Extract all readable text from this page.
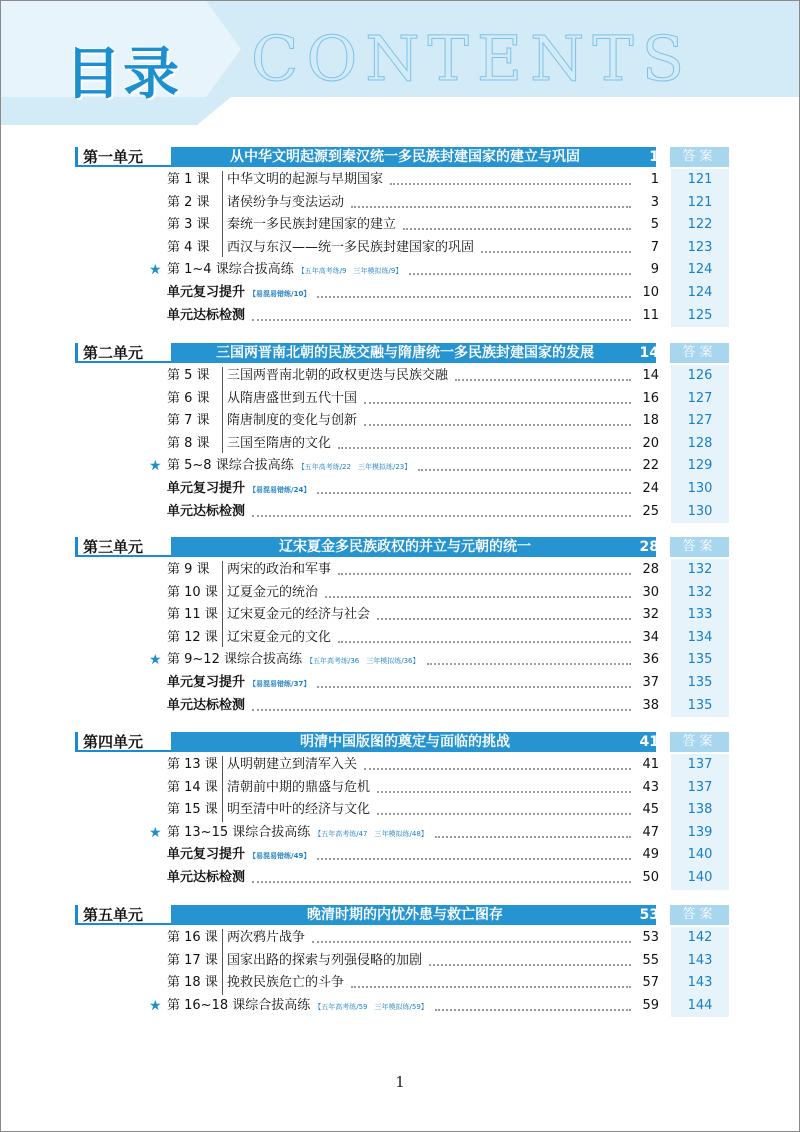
CONTENTS
目录
第一单元	从中华文明起源到秦汉统一多民族封建国家的建立与巩固	1	答案
第 1 课 中华文明的起源与早期国家	1	121
第 2 课 诸侯纷争与变法运动	3	121
第 3 课 秦统一多民族封建国家的建立	5	122
第 4 课 西汉与东汉——统一多民族封建国家的巩固	7	123
★ 第 1~4 课综合拔高练 【五年高考练/9　三年模拟练/9】	9	124
单元复习提升 【易混易错练/10】	10	124
单元达标检测	11	125
第二单元	三国两晋南北朝的民族交融与隋唐统一多民族封建国家的发展	14	答案
第 5 课 三国两晋南北朝的政权更迭与民族交融	14	126
第 6 课 从隋唐盛世到五代十国	16	127
第 7 课 隋唐制度的变化与创新	18	127
第 8 课 三国至隋唐的文化	20	128
★ 第 5~8 课综合拔高练 【五年高考练/22　三年模拟练/23】	22	129
单元复习提升 【易混易错练/24】	24	130
单元达标检测	25	130
第三单元	辽宋夏金多民族政权的并立与元朝的统一	28	答案
第 9 课 两宋的政治和军事	28	132
第 10 课 辽夏金元的统治	30	132
第 11 课 辽宋夏金元的经济与社会	32	133
第 12 课 辽宋夏金元的文化	34	134
★ 第 9~12 课综合拔高练 【五年高考练/36　三年模拟练/36】	36	135
单元复习提升 【易混易错练/37】	37	135
单元达标检测	38	135
第四单元	明清中国版图的奠定与面临的挑战	41	答案
第 13 课 从明朝建立到清军入关	41	137
第 14 课 清朝前中期的鼎盛与危机	43	137
第 15 课 明至清中叶的经济与文化	45	138
★ 第 13~15 课综合拔高练 【五年高考练/47　三年模拟练/48】	47	139
单元复习提升 【易混易错练/49】	49	140
单元达标检测	50	140
第五单元	晚清时期的内忧外患与救亡图存	53	答案
第 16 课 两次鸦片战争	53	142
第 17 课 国家出路的探索与列强侵略的加剧	55	143
第 18 课 挽救民族危亡的斗争	57	143
★ 第 16~18 课综合拔高练 【五年高考练/59　三年模拟练/59】	59	144
1
